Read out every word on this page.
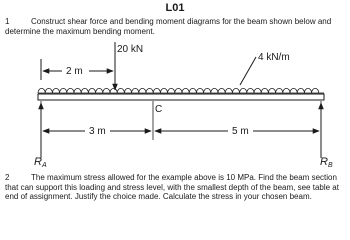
L01
1	Construct shear force and bending moment diagrams for the beam shown below and determine the maximum bending moment.
20 kN
2 m
4 kN/m
C
3 m	5 m
RA	RB
2	The maximum stress allowed for the example above is 10 MPa. Find the beam section that can support this loading and stress level, with the smallest depth of the beam, see table at end of assignment. Justify the choice made. Calculate the stress in your chosen beam.
